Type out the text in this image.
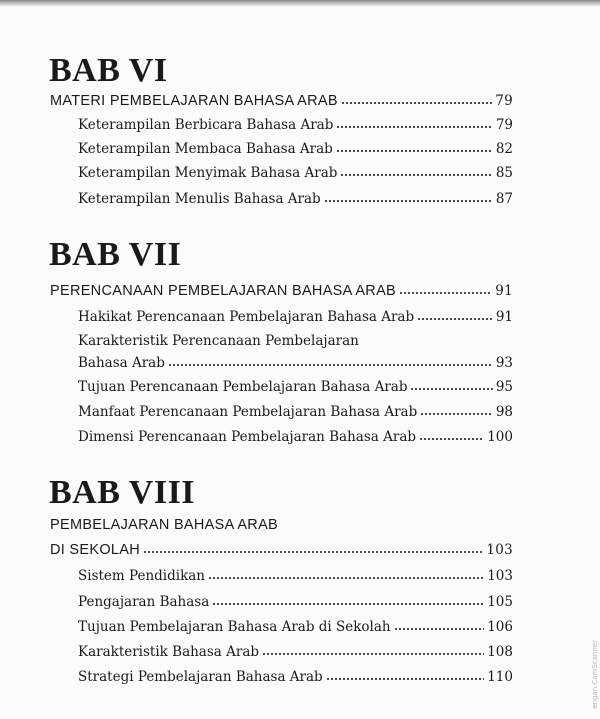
BAB VI
MATERI PEMBELAJARAN BAHASA ARAB	79
Keterampilan Berbicara Bahasa Arab	79
Keterampilan Membaca Bahasa Arab	82
Keterampilan Menyimak Bahasa Arab	85
Keterampilan Menulis Bahasa Arab	87
BAB VII
PERENCANAAN PEMBELAJARAN BAHASA ARAB	91
Hakikat Perencanaan Pembelajaran Bahasa Arab	91
Karakteristik Perencanaan Pembelajaran
Bahasa Arab	93
Tujuan Perencanaan Pembelajaran Bahasa Arab	95
Manfaat Perencanaan Pembelajaran Bahasa Arab	98
Dimensi Perencanaan Pembelajaran Bahasa Arab	100
BAB VIII
PEMBELAJARAN BAHASA ARAB
DI SEKOLAH	103
Sistem Pendidikan	103
Pengajaran Bahasa	105
Tujuan Pembelajaran Bahasa Arab di Sekolah	106
Karakteristik Bahasa Arab	108
Strategi Pembelajaran Bahasa Arab	110	engan CamScanner
